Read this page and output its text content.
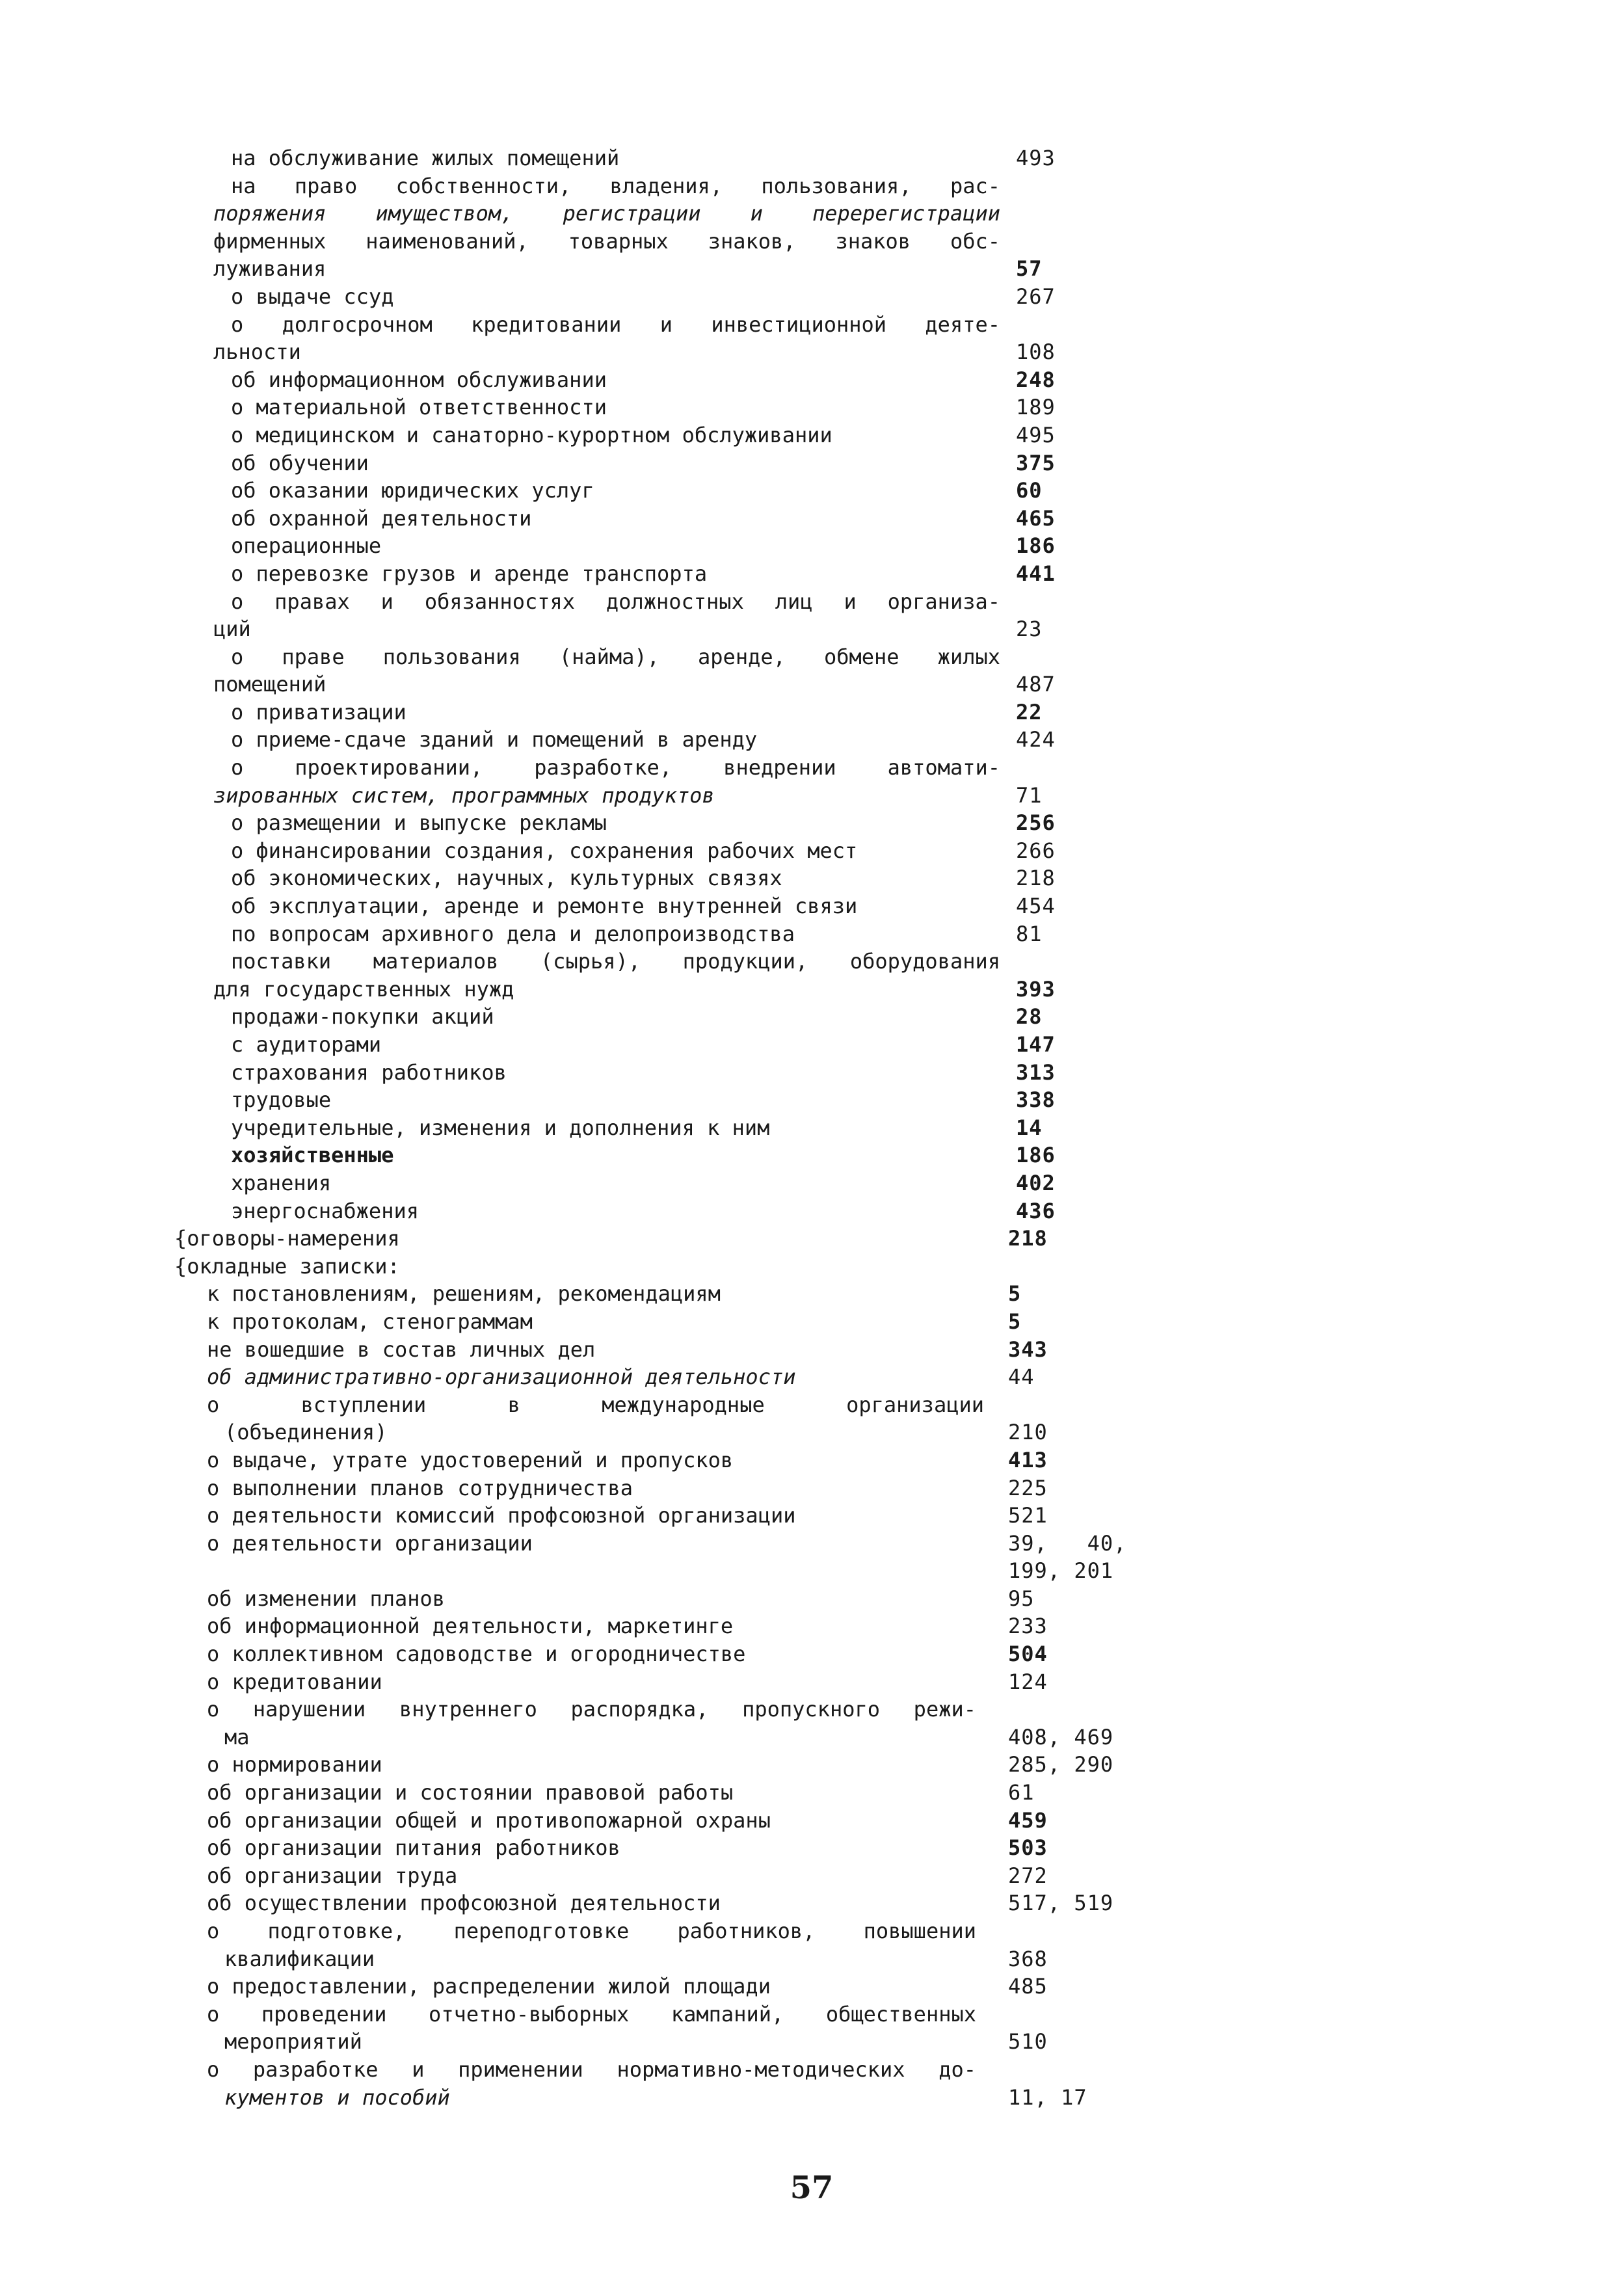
на обслуживание жилых помещений	493
на право собственности, владения, пользования, рас-
поряжения имуществом, регистрации и перерегистрации
фирменных наименований, товарных знаков, знаков обс-
луживания	57
о выдаче ссуд	267
о долгосрочном кредитовании и инвестиционной деяте-
льности	108
об информационном обслуживании	248
о материальной ответственности	189
о медицинском и санаторно-курортном обслуживании	495
об обучении	375
об оказании юридических услуг	60
об охранной деятельности	465
операционные	186
о перевозке грузов и аренде транспорта	441
о правах и обязанностях должностных лиц и организа-
ций	23
о праве пользования (найма), аренде, обмене жилых
помещений	487
о приватизации	22
о приеме-сдаче зданий и помещений в аренду	424
о проектировании, разработке, внедрении автомати-
зированных систем, программных продуктов	71
о размещении и выпуске рекламы	256
о финансировании создания, сохранения рабочих мест	266
об экономических, научных, культурных связях	218
об эксплуатации, аренде и ремонте внутренней связи	454
по вопросам архивного дела и делопроизводства	81
поставки материалов (сырья), продукции, оборудования
для государственных нужд	393
продажи-покупки акций	28
с аудиторами	147
страхования работников	313
трудовые	338
учредительные, изменения и дополнения к ним	14
хозяйственные	186
хранения	402
энергоснабжения	436
{оговоры-намерения	218
{окладные записки:
к постановлениям, решениям, рекомендациям	5
к протоколам, стенограммам	5
не вошедшие в состав личных дел	343
об административно-организационной деятельности	44
о вступлении в международные организации
(объединения)	210
о выдаче, утрате удостоверений и пропусков	413
о выполнении планов сотрудничества	225
о деятельности комиссий профсоюзной организации	521
о деятельности организации	39,   40,
199, 201
об изменении планов	95
об информационной деятельности, маркетинге	233
о коллективном садоводстве и огородничестве	504
о кредитовании	124
о нарушении внутреннего распорядка, пропускного режи-
ма	408, 469
о нормировании	285, 290
об организации и состоянии правовой работы	61
об организации общей и противопожарной охраны	459
об организации питания работников	503
об организации труда	272
об осуществлении профсоюзной деятельности	517, 519
о подготовке, переподготовке работников, повышении
квалификации	368
о предоставлении, распределении жилой площади	485
о проведении отчетно-выборных кампаний, общественных
мероприятий	510
о разработке и применении нормативно-методических до-
кументов и пособий	11, 17
57
